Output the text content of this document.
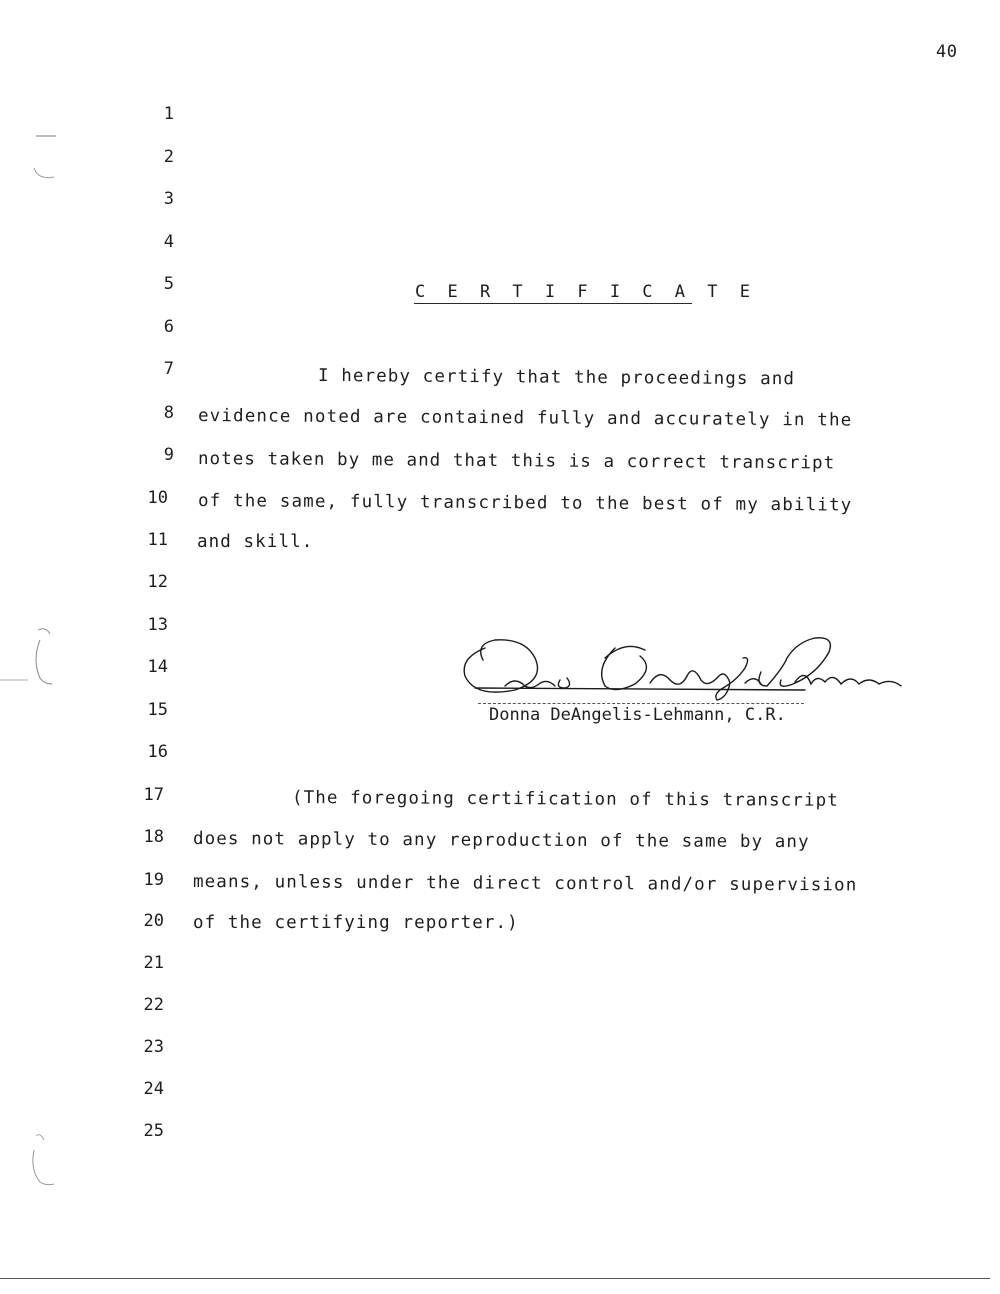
40
1
2
3
4
5
6
7
8
9
10
11
12
13
14
15
16
17
18
19
20
21
22
23
24
25
C E R T I F I C A T E
I hereby certify that the proceedings and
evidence noted are contained fully and accurately in the
notes taken by me and that this is a correct transcript
of the same, fully transcribed to the best of my ability
and skill.
Donna DeAngelis-Lehmann, C.R.
(The foregoing certification of this transcript
does not apply to any reproduction of the same by any
means, unless under the direct control and/or supervision
of the certifying reporter.)
